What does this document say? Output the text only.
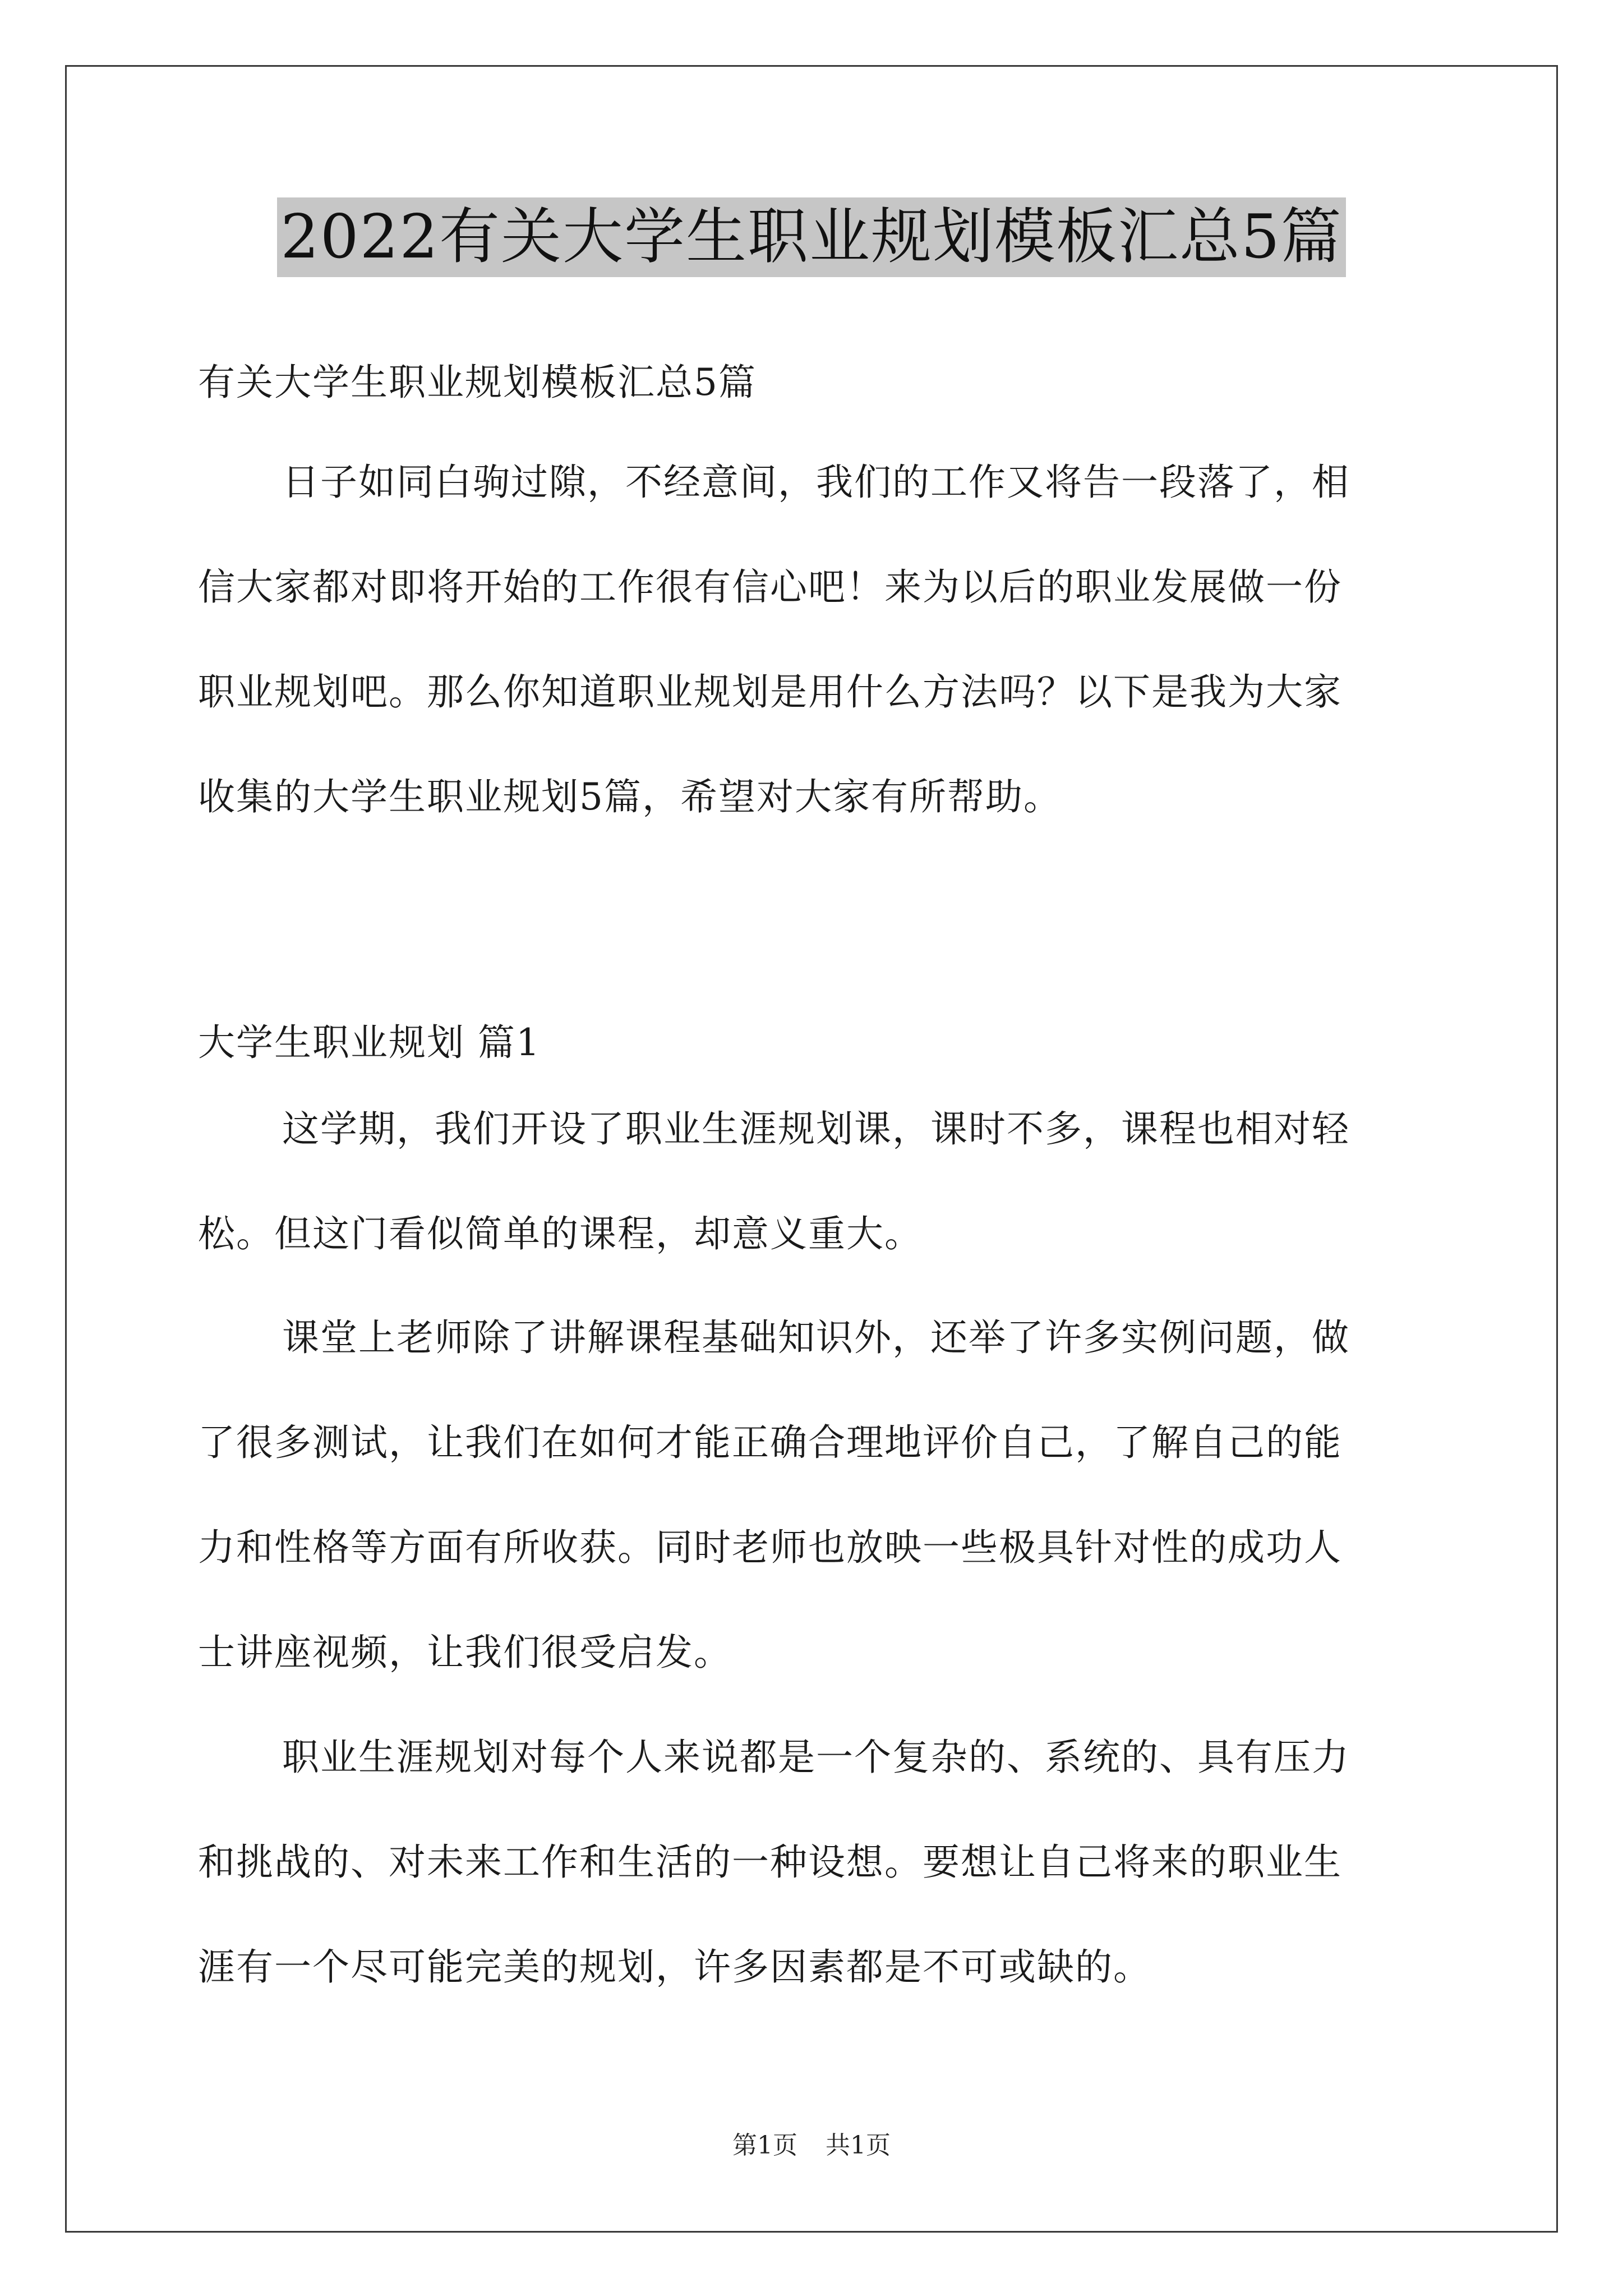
2022有关大学生职业规划模板汇总5篇

有关大学生职业规划模板汇总5篇

日子如同白驹过隙，不经意间，我们的工作又将告一段落了，相
信大家都对即将开始的工作很有信心吧！来为以后的职业发展做一份
职业规划吧。那么你知道职业规划是用什么方法吗？以下是我为大家
收集的大学生职业规划5篇，希望对大家有所帮助。

大学生职业规划 篇1

这学期，我们开设了职业生涯规划课，课时不多，课程也相对轻
松。但这门看似简单的课程，却意义重大。
课堂上老师除了讲解课程基础知识外，还举了许多实例问题，做
了很多测试，让我们在如何才能正确合理地评价自己，了解自己的能
力和性格等方面有所收获。同时老师也放映一些极具针对性的成功人
士讲座视频，让我们很受启发。
职业生涯规划对每个人来说都是一个复杂的、系统的、具有压力
和挑战的、对未来工作和生活的一种设想。要想让自己将来的职业生
涯有一个尽可能完美的规划，许多因素都是不可或缺的。
第1页 共1页
